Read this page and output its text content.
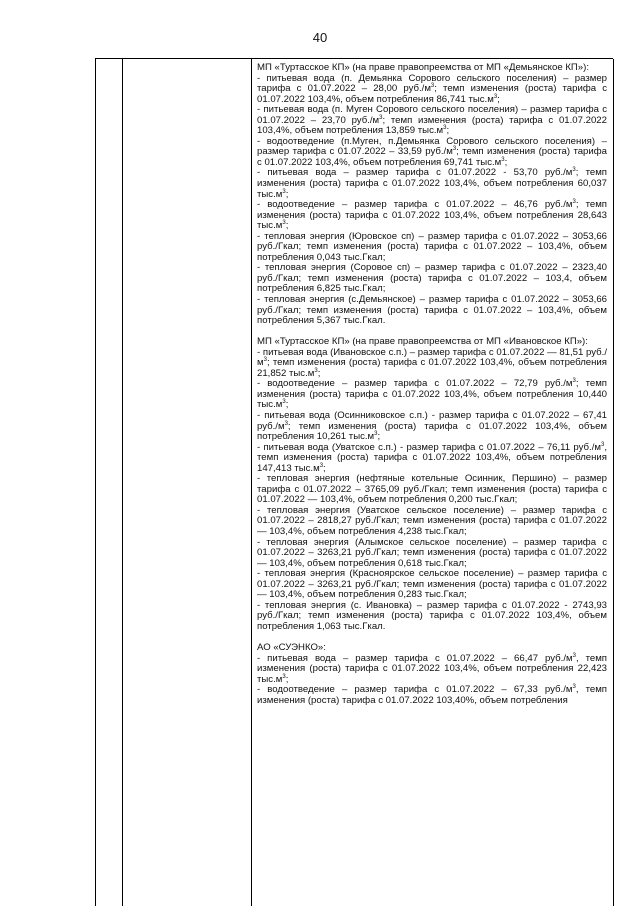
40

МП «Туртасское КП» (на праве правопреемства от МП «Демьянское КП»):

- питьевая вода (п. Демьянка Соровоrо сельского поселения) – размер тарифа с 01.07.2022 – 28,00 $руб./м^3$; темп изменения (роста) тарифа с 01.07.2022 103,4%, объем потребления 86,741 $тыс.м^3$;

- питьевая вода (п. Муген Сорового сельского поселения) – размер тарифа с 01.07.2022 – 23,70 $руб./м^3$; темп изменения (роста) тарифа с 01.07.2022 103,4%, объем потребления 13,859 $тыс.м^3$;

- водоотведение (п.Муген, п.Демьянка Сорового сельского поселения) – размер тарифа с 01.07.2022 – 33,59 $руб./м^3$; темп изменения (роста) тарифа с 01.07.2022 103,4%, объем потребления 69,741 $тыс.м^3$;

- питьевая вода – размер тарифа с 01.07.2022 - 53,70 $руб./м^3$; темп изменения (роста) тарифа с 01.07.2022 103,4%, объем потребления 60,037 $тыс.м^3$;

- водоотведение – размер тарифа с 01.07.2022 – 46,76 $руб./м^3$; темп изменения (роста) тарифа с 01.07.2022 103,4%, объем потребления 28,643 $тыс.м^3$;

- тепловая энергия (Юровское сп) – размер тарифа с 01.07.2022 – 3053,66 руб./Гкал; темп изменения (роста) тарифа с 01.07.2022 – 103,4%, объем потребления 0,043 тыс.Гкал;

- тепловая энергия (Соровое сп) – размер тарифа с 01.07.2022 – 2323,40 руб./Гкал; темп изменения (роста) тарифа с 01.07.2022 – 103,4, объем потребления 6,825 тыс.Гкал;

- тепловая энергия (с.Демьянское) – размер тарифа с 01.07.2022 – 3053,66 руб./Гкал; темп изменения (роста) тарифа с 01.07.2022 – 103,4%, объем потребления 5,367 тыс.Гкал.

МП «Туртасское КП» (на праве правопреемства от МП «Ивановское КП»):

- питьевая вода (Ивановское с.п.) – размер тарифа с 01.07.2022 — 81,51 $руб./м^3$; темп изменения (роста) тарифа с 01.07.2022 103,4%, объем потребления 21,852 $тыс.м^3$;

- водоотведение – размер тарифа с 01.07.2022 – 72,79 $руб./м^3$; темп изменения (роста) тарифа с 01.07.2022 103,4%, объем потребления 10,440 $тыс.м^3$;

- питьевая вода (Осинниковское с.п.) - размер тарифа с 01.07.2022 – 67,41 $руб./м^3$; темп изменения (роста) тарифа с 01.07.2022 103,4%, объем потребления 10,261 $тыс.м^3$;

- питьевая вода (Уватское с.п.) - размер тарифа с 01.07.2022 – 76,11 $руб./м^3$, темп изменения (роста) тарифа с 01.07.2022 103,4%, объем потребления 147,413 $тыс.м^3$;

- тепловая энергия (нефтяные котельные Осинник, Першино) – размер тарифа с 01.07.2022 – 3765,09 руб./Гкал; темп изменения (роста) тарифа с 01.07.2022 — 103,4%, объем потребления 0,200 тыс.Гкал;

- тепловая энергия (Уватское сельское поселение) – размер тарифа с 01.07.2022 – 2818,27 руб./Гкал; темп изменения (роста) тарифа с 01.07.2022 — 103,4%, объем потребления 4,238 тыс.Гкал;

- тепловая энергия (Алымское сельское поселение) – размер тарифа с 01.07.2022 – 3263,21 руб./Гкал; темп изменения (роста) тарифа с 01.07.2022 — 103,4%, объем потребления 0,618 тыс.Гкал;

- тепловая энергия (Красноярское сельское поселение) – размер тарифа с 01.07.2022 – 3263,21 руб./Гкал; темп изменения (роста) тарифа с 01.07.2022 — 103,4%, объем потребления 0,283 тыс.Гкал;

- тепловая энергия (с. Ивановка) – размер тарифа с 01.07.2022 - 2743,93 руб./Гкал; темп изменения (роста) тарифа с 01.07.2022 103,4%, объем потребления 1,063 тыс.Гкал.

АО «СУЭНКО»:

- питьевая вода – размер тарифа с 01.07.2022 – 66,47 $руб./м^3$, темп изменения (роста) тарифа с 01.07.2022 103,4%, объем потребления 22,423 $тыс.м^3$;

- водоотведение – размер тарифа с 01.07.2022 – 67,33 $руб./м^3$, темп изменения (роста) тарифа с 01.07.2022 103,40%, объем потребления
